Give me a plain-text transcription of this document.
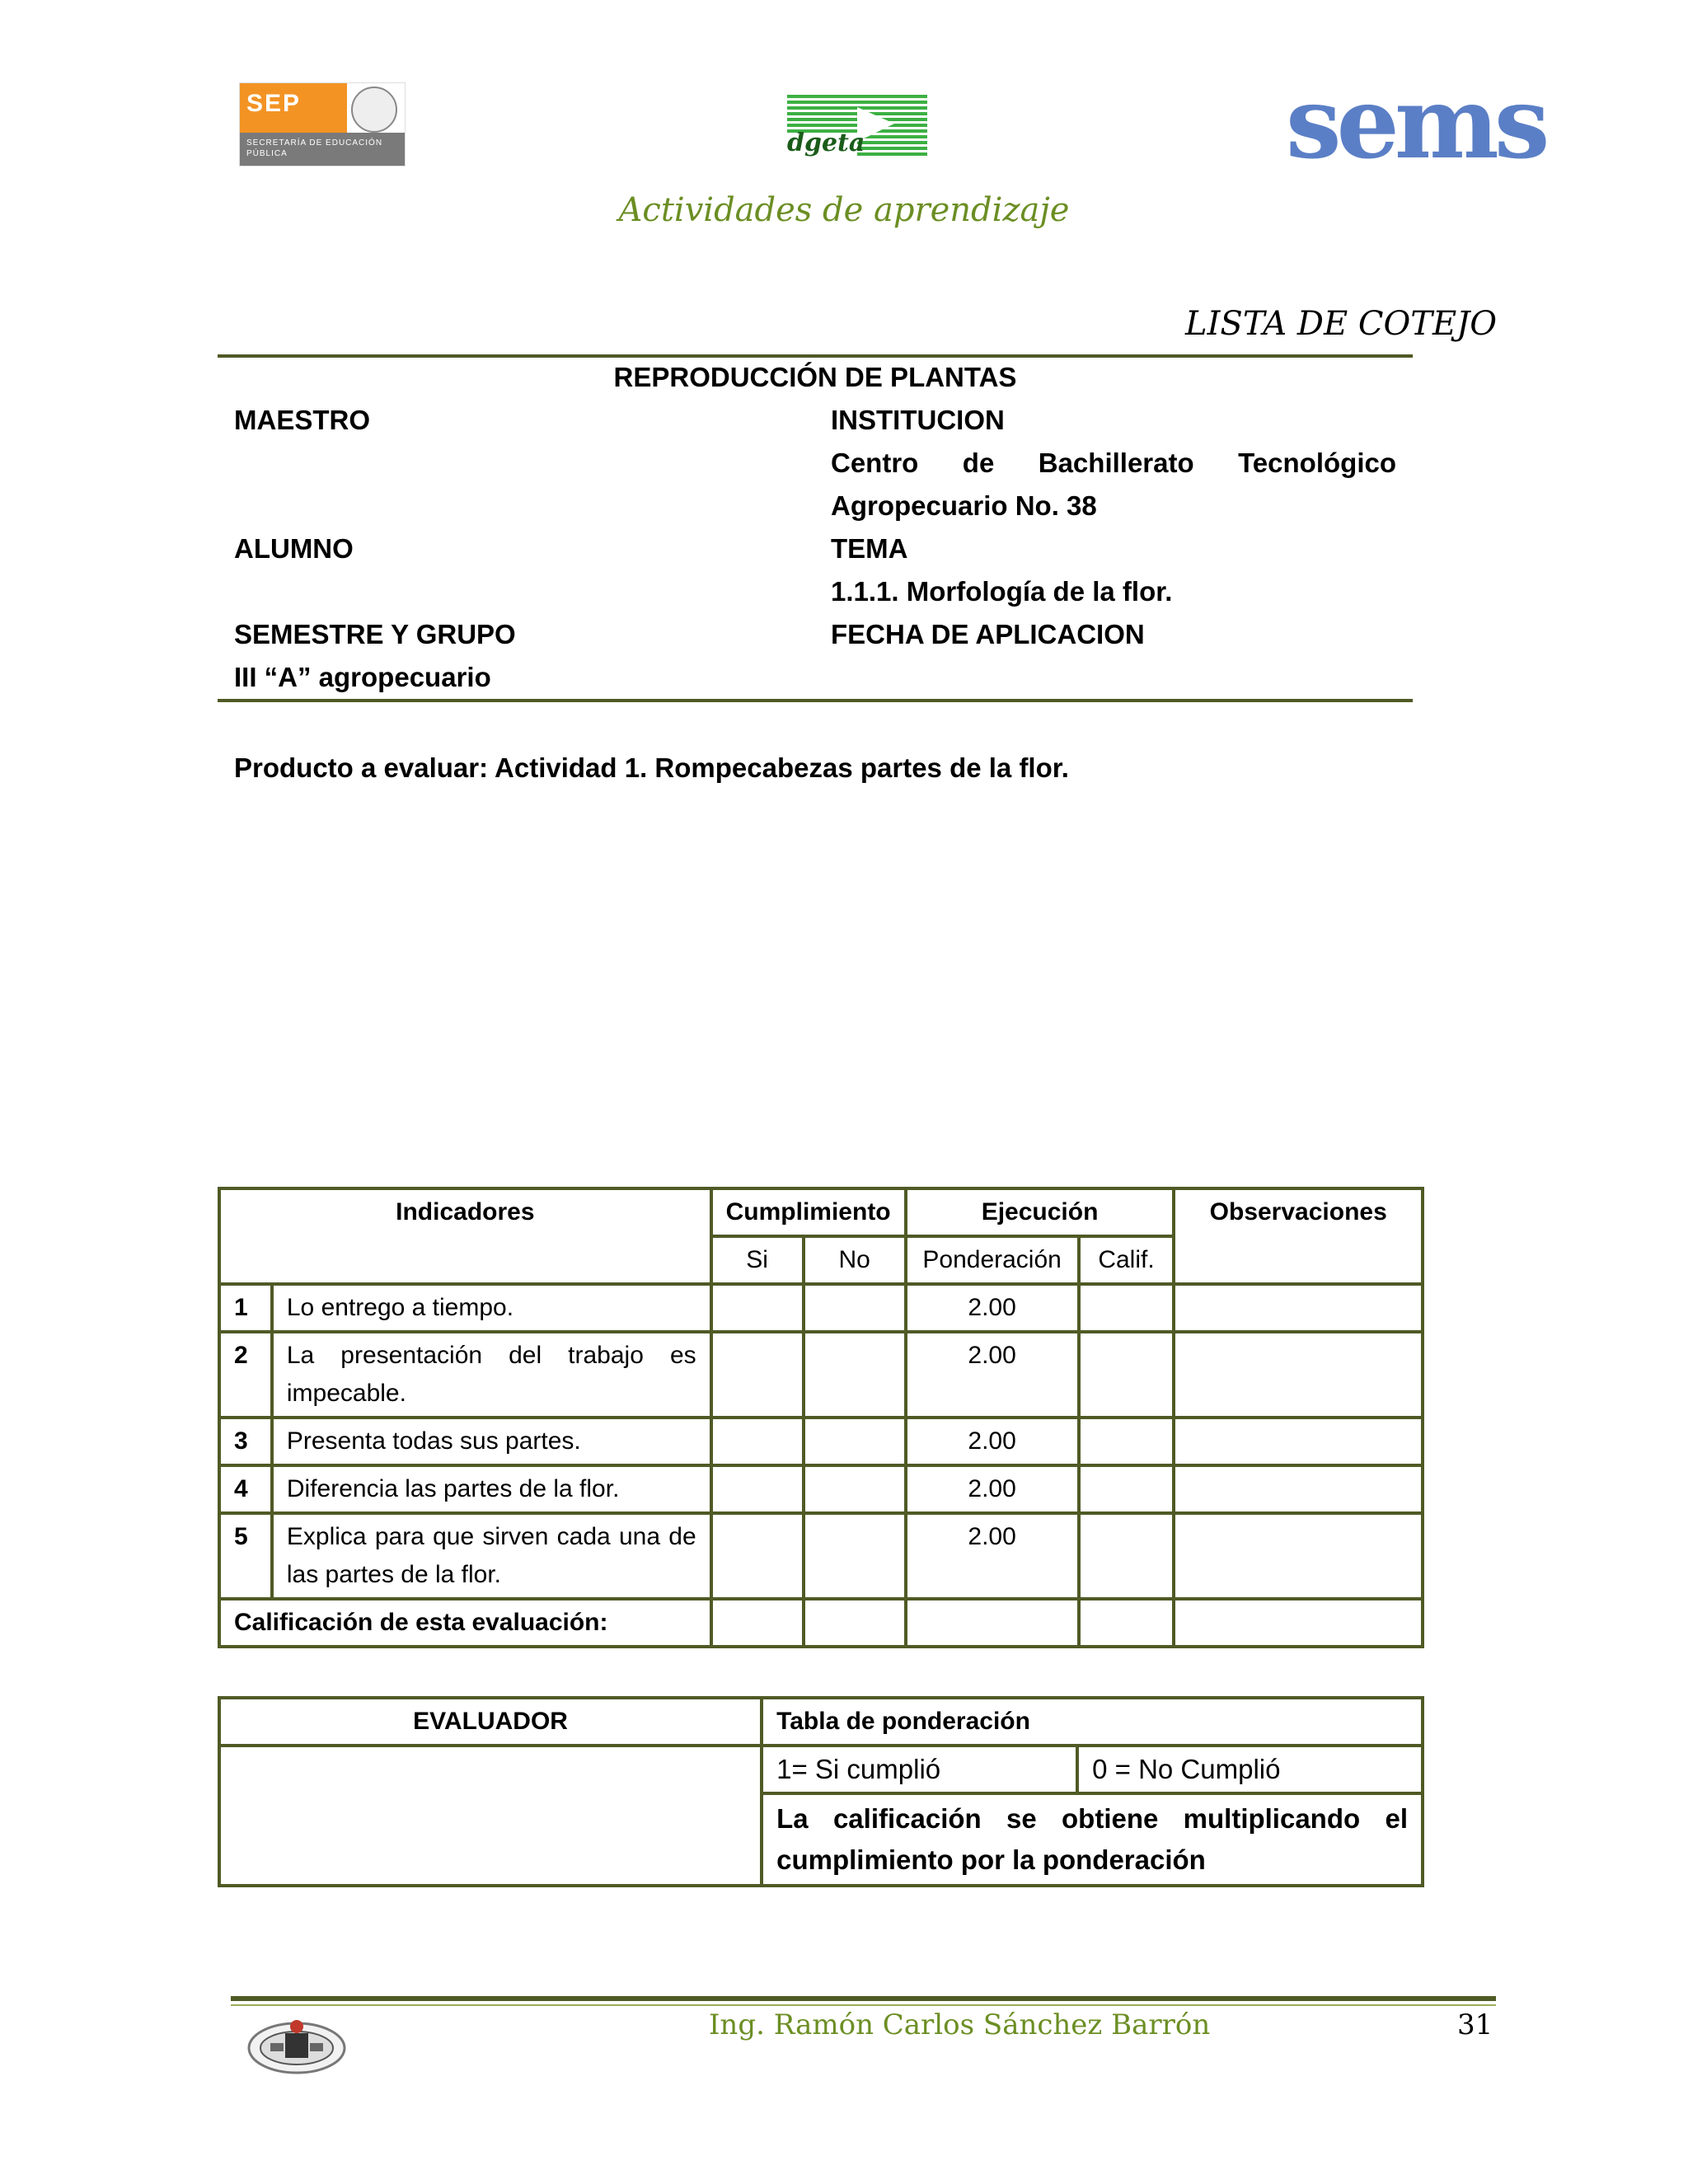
SEP
SECRETARÍA DE EDUCACIÓN PÚBLICA	dgeta	sems
Actividades de aprendizaje
LISTA DE COTEJO
REPRODUCCIÓN DE PLANTAS
MAESTRO	INSTITUCION
Centro de Bachillerato Tecnológico Agropecuario No. 38
ALUMNO	TEMA
1.1.1. Morfología de la flor.
SEMESTRE Y GRUPO	FECHA DE APLICACION
III “A” agropecuario
Producto a evaluar: Actividad 1. Rompecabezas partes de la flor.
Indicadores		Cumplimiento		Ejecución		Observaciones
		Si	No	Ponderación	Calif.	
1	Lo entrego a tiempo.			2.00		
2	La presentación del trabajo es impecable.			2.00		
3	Presenta todas sus partes.			2.00		
4	Diferencia las partes de la flor.			2.00		
5	Explica para que sirven cada una de las partes de la flor.			2.00		
Calificación de esta evaluación:						
EVALUADOR	Tabla de ponderación	
	1= Si cumplió	0 = No Cumplió
	La calificación se obtiene multiplicando el cumplimiento por la ponderación	
Ing. Ramón Carlos Sánchez Barrón	31
